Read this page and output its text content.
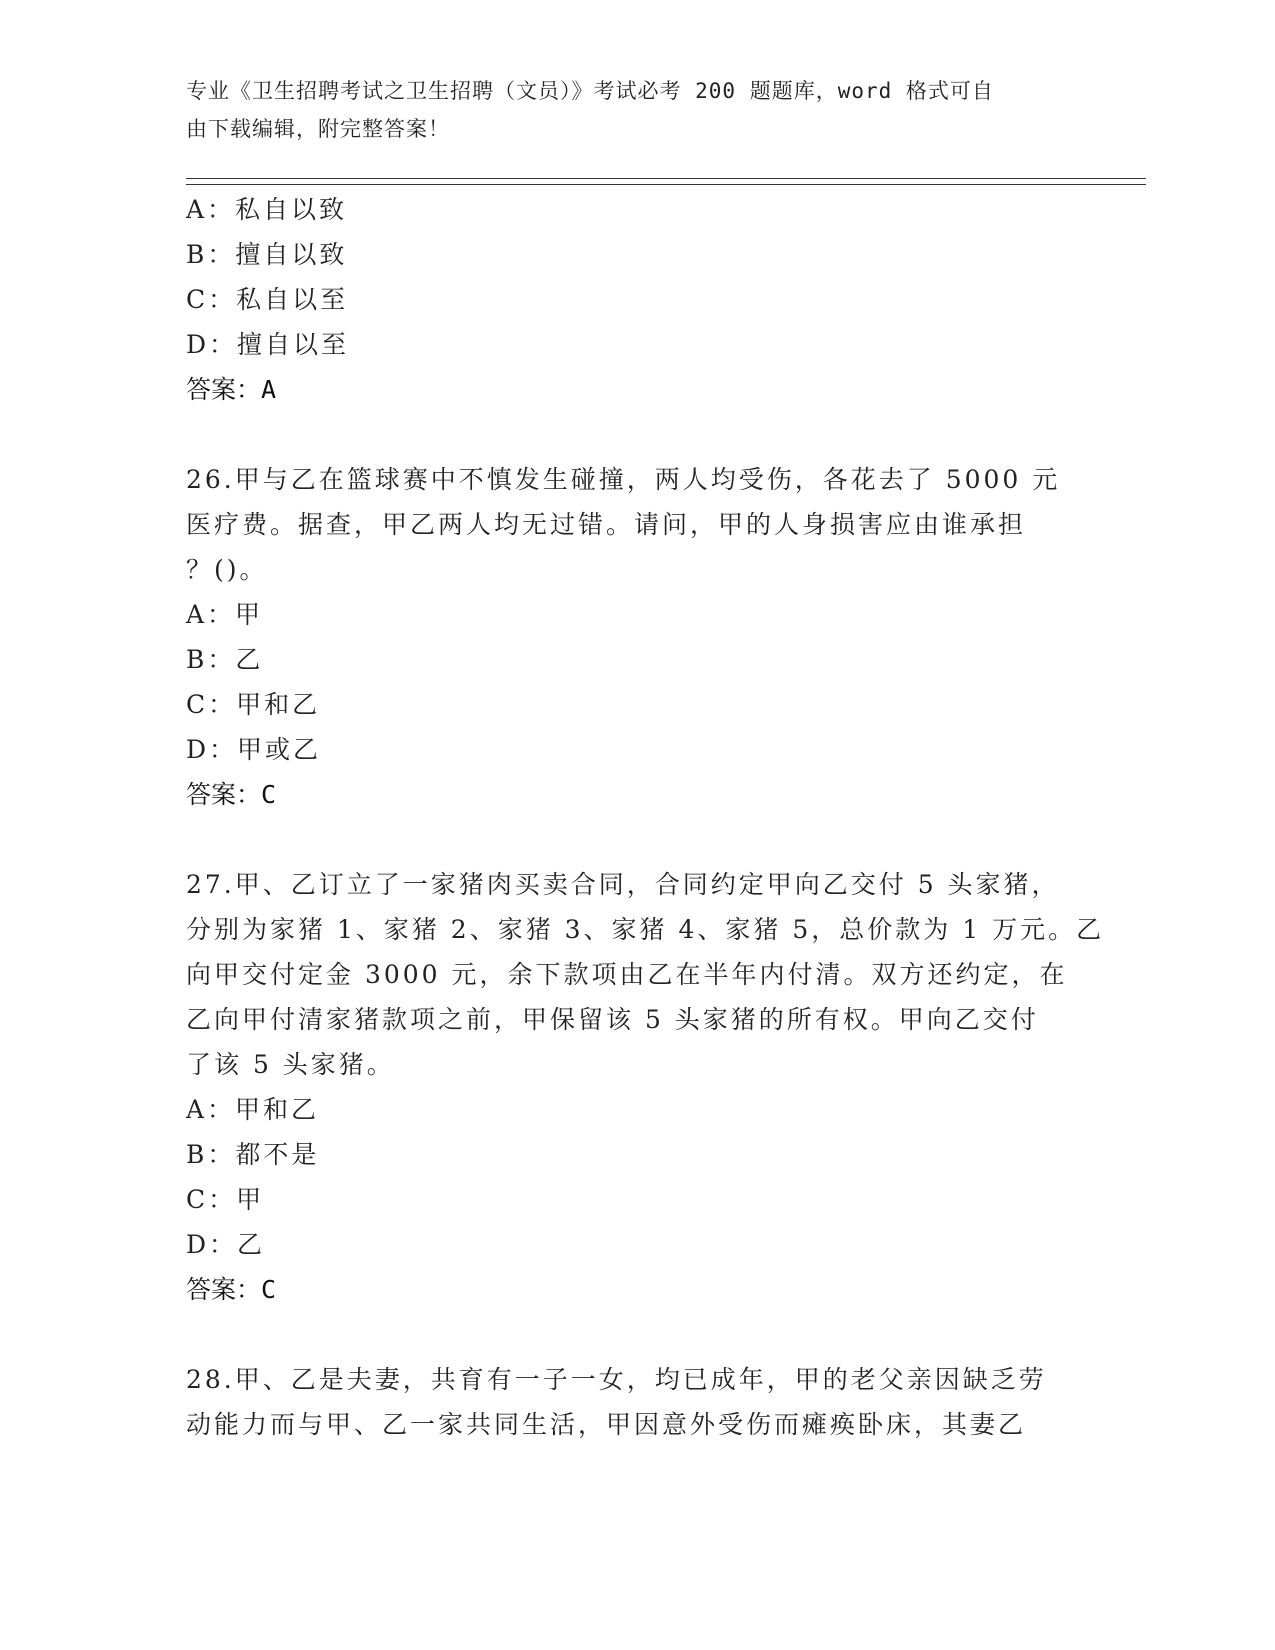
专业《卫生招聘考试之卫生招聘（文员）》考试必考 200 题题库，word 格式可自
由下载编辑，附完整答案！
A：私自以致
B：擅自以致
C：私自以至
D：擅自以至
答案：A
26.甲与乙在篮球赛中不慎发生碰撞，两人均受伤，各花去了 5000 元
医疗费。据查，甲乙两人均无过错。请问，甲的人身损害应由谁承担
？()。
A：甲
B：乙
C：甲和乙
D：甲或乙
答案：C
27.甲、乙订立了一家猪肉买卖合同，合同约定甲向乙交付 5 头家猪，
分别为家猪 1、家猪 2、家猪 3、家猪 4、家猪 5，总价款为 1 万元。乙
向甲交付定金 3000 元，余下款项由乙在半年内付清。双方还约定，在
乙向甲付清家猪款项之前，甲保留该 5 头家猪的所有权。甲向乙交付
了该 5 头家猪。
A：甲和乙
B：都不是
C：甲
D：乙
答案：C
28.甲、乙是夫妻，共育有一子一女，均已成年，甲的老父亲因缺乏劳
动能力而与甲、乙一家共同生活，甲因意外受伤而瘫痪卧床，其妻乙
